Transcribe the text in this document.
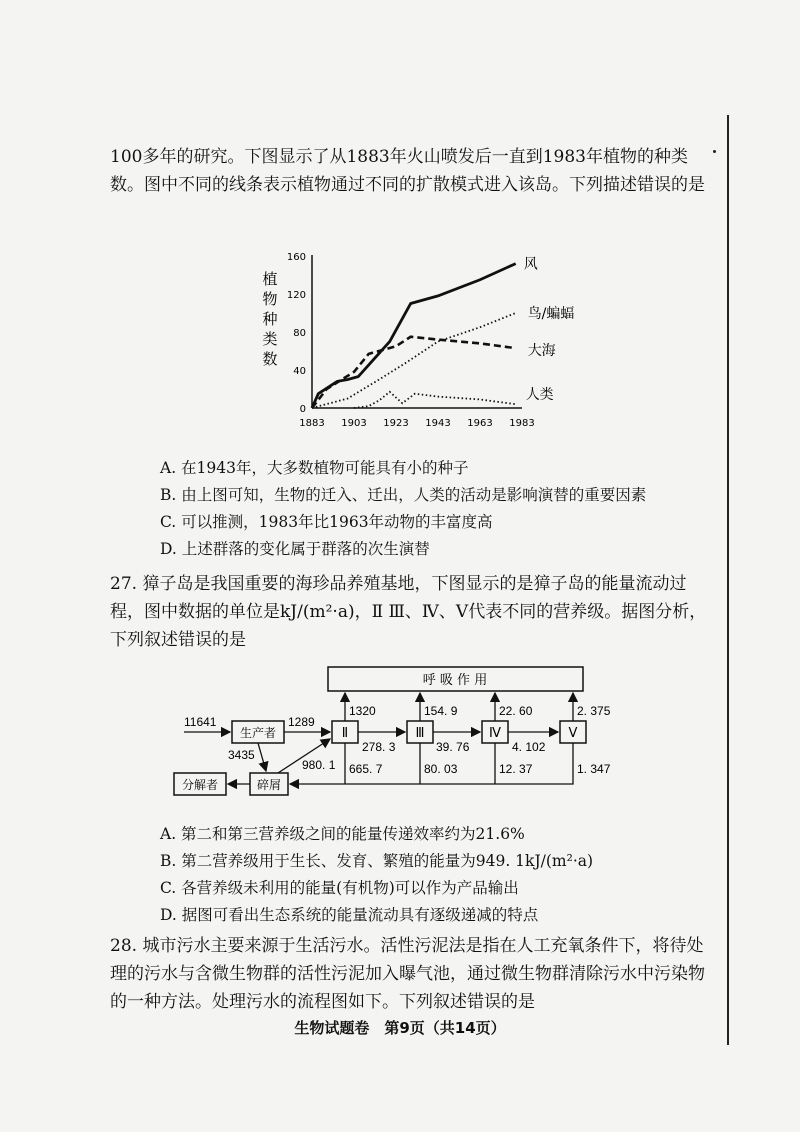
100多年的研究。下图显示了从1883年火山喷发后一直到1983年植物的种类数。图中不同的线条表示植物通过不同的扩散模式进入该岛。下列描述错误的是

植
物
种
类
数
0
40
80
120
160
1883 1903 1923 1943 1963 1983
风
鸟/蝙蝠
大海
人类

A. 在1943年，大多数植物可能具有小的种子

B. 由上图可知，生物的迁入、迁出，人类的活动是影响演替的重要因素

C. 可以推测，1983年比1963年动物的丰富度高

D. 上述群落的变化属于群落的次生演替

27. 獐子岛是我国重要的海珍品养殖基地，下图显示的是獐子岛的能量流动过程，图中数据的单位是kJ/(m²·a)，Ⅱ Ⅲ、Ⅳ、Ⅴ代表不同的营养级。据图分析，下列叙述错误的是

呼 吸 作 用
生产者	Ⅱ	Ⅲ	Ⅳ	Ⅴ
分解者	碎屑
11641	1289
3435
980. 1
1320	154. 9	22. 60	2. 375
278. 3	39. 76	4. 102
665. 7	80. 03	12. 37	1. 347

A. 第二和第三营养级之间的能量传递效率约为21.6%

B. 第二营养级用于生长、发育、繁殖的能量为949. 1kJ/(m²·a)

C. 各营养级未利用的能量(有机物)可以作为产品输出

D. 据图可看出生态系统的能量流动具有逐级递减的特点

28. 城市污水主要来源于生活污水。活性污泥法是指在人工充氧条件下，将待处理的污水与含微生物群的活性污泥加入曝气池，通过微生物群清除污水中污染物的一种方法。处理污水的流程图如下。下列叙述错误的是

生物试题卷　第9页（共14页）
